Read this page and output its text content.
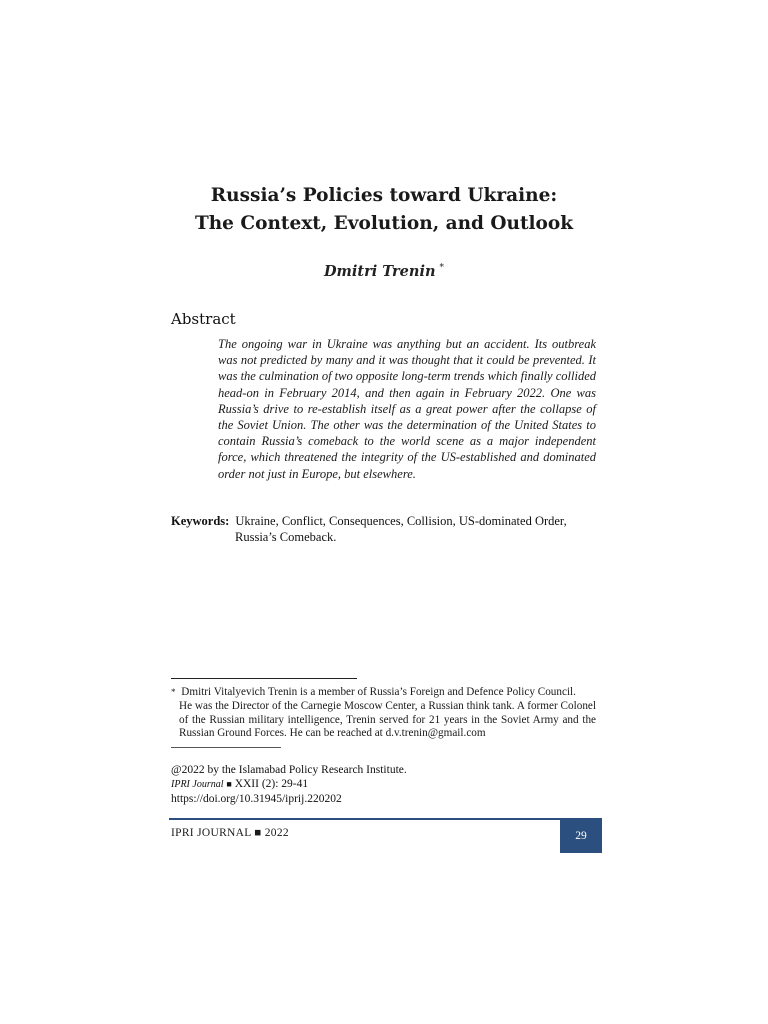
Russia’s Policies toward Ukraine:
The Context, Evolution, and Outlook
Dmitri Trenin *
Abstract
The ongoing war in Ukraine was anything but an accident. Its outbreak was not predicted by many and it was thought that it could be prevented. It was the culmination of two opposite long-term trends which finally collided head-on in February 2014, and then again in February 2022. One was Russia’s drive to re-establish itself as a great power after the collapse of the Soviet Union. The other was the determination of the United States to contain Russia’s comeback to the world scene as a major independent force, which threatened the integrity of the US-established and dominated order not just in Europe, but elsewhere.
Keywords: Ukraine, Conflict, Consequences, Collision, US-dominated Order,
Russia’s Comeback.
* Dmitri Vitalyevich Trenin is a member of Russia’s Foreign and Defence Policy Council.
He was the Director of the Carnegie Moscow Center, a Russian think tank. A former Colonel of the Russian military intelligence, Trenin served for 21 years in the Soviet Army and the Russian Ground Forces. He can be reached at d.v.trenin@gmail.com
@2022 by the Islamabad Policy Research Institute.
IPRI Journal ■ XXII (2): 29-41
https://doi.org/10.31945/iprij.220202
IPRI JOURNAL ■ 2022	29
